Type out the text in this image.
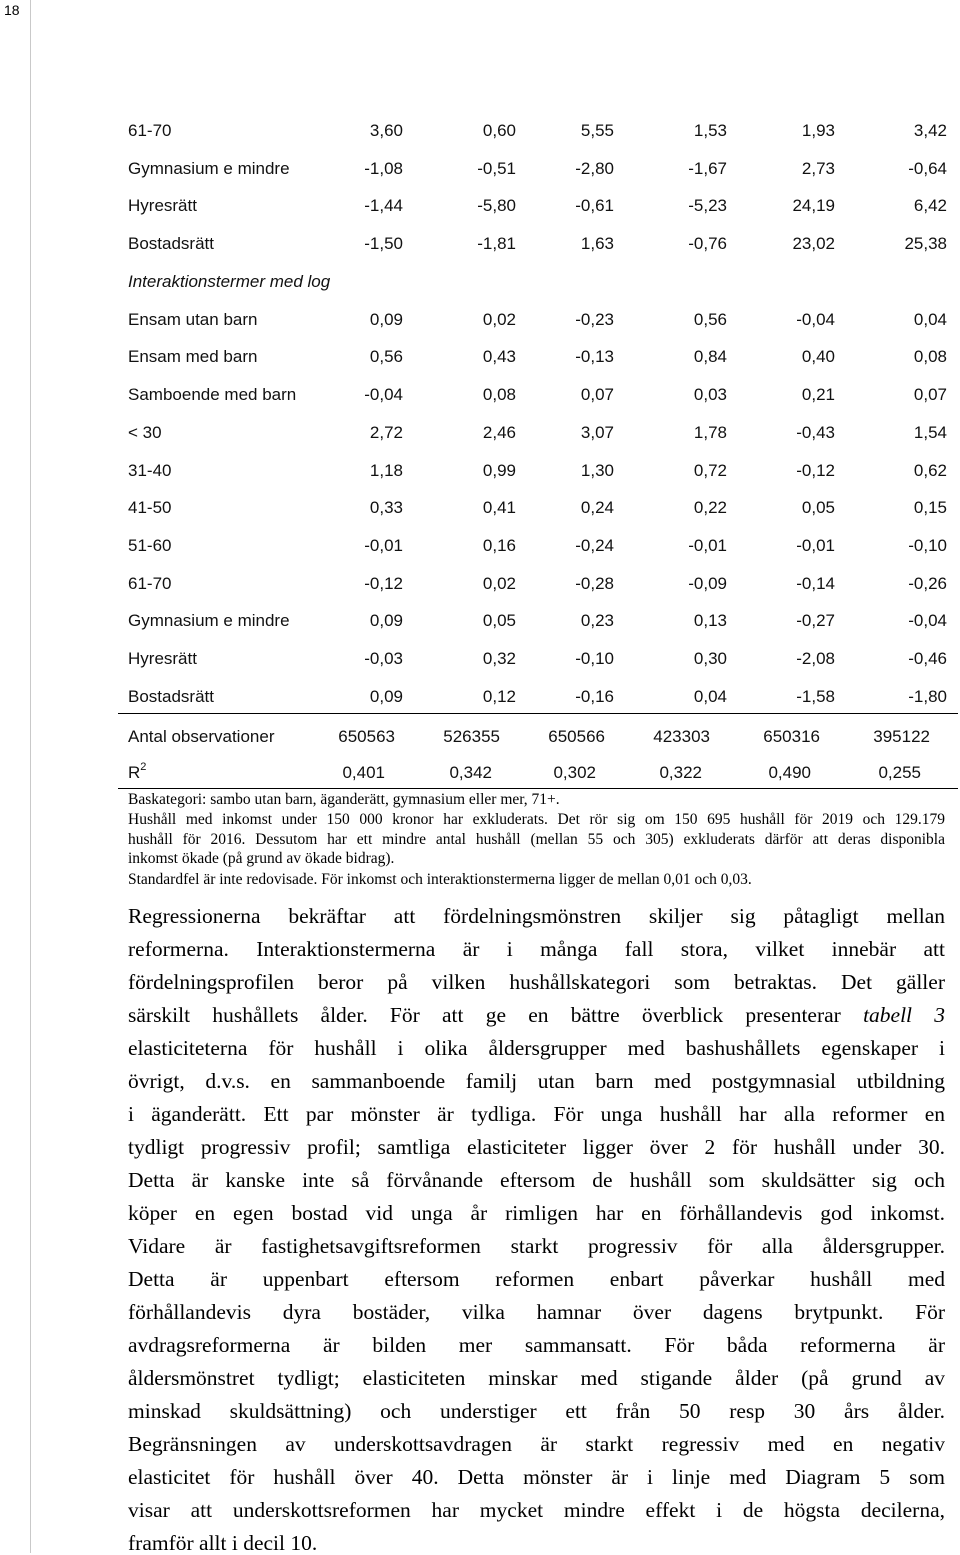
18
61-70	3,60	0,60	5,55	1,53	1,93	3,42
Gymnasium e mindre	-1,08	-0,51	-2,80	-1,67	2,73	-0,64
Hyresrätt	-1,44	-5,80	-0,61	-5,23	24,19	6,42
Bostadsrätt	-1,50	-1,81	1,63	-0,76	23,02	25,38
Interaktionstermer med log
Ensam utan barn	0,09	0,02	-0,23	0,56	-0,04	0,04
Ensam med barn	0,56	0,43	-0,13	0,84	0,40	0,08
Samboende med barn	-0,04	0,08	0,07	0,03	0,21	0,07
< 30	2,72	2,46	3,07	1,78	-0,43	1,54
31-40	1,18	0,99	1,30	0,72	-0,12	0,62
41-50	0,33	0,41	0,24	0,22	0,05	0,15
51-60	-0,01	0,16	-0,24	-0,01	-0,01	-0,10
61-70	-0,12	0,02	-0,28	-0,09	-0,14	-0,26
Gymnasium e mindre	0,09	0,05	0,23	0,13	-0,27	-0,04
Hyresrätt	-0,03	0,32	-0,10	0,30	-2,08	-0,46
Bostadsrätt	0,09	0,12	-0,16	0,04	-1,58	-1,80
Antal observationer	650563	526355	650566	423303	650316	395122
$R^2$	0,401	0,342	0,302	0,322	0,490	0,255
Baskategori: sambo utan barn, äganderätt, gymnasium eller mer, 71+.
Hushåll med inkomst under 150 000 kronor har exkluderats. Det rör sig om 150 695 hushåll för 2019 och 129.179
hushåll för 2016. Dessutom har ett mindre antal hushåll (mellan 55 och 305) exkluderats därför att deras disponibla
inkomst ökade (på grund av ökade bidrag).
Standardfel är inte redovisade. För inkomst och interaktionstermerna ligger de mellan 0,01 och 0,03.
Regressionerna bekräftar att fördelningsmönstren skiljer sig påtagligt mellan
reformerna. Interaktionstermerna är i många fall stora, vilket innebär att
fördelningsprofilen beror på vilken hushållskategori som betraktas. Det gäller
särskilt hushållets ålder. För att ge en bättre överblick presenterar tabell 3
elasticiteterna för hushåll i olika åldersgrupper med bashushållets egenskaper i
övrigt, d.v.s. en sammanboende familj utan barn med postgymnasial utbildning
i äganderätt. Ett par mönster är tydliga. För unga hushåll har alla reformer en
tydligt progressiv profil; samtliga elasticiteter ligger över 2 för hushåll under 30.
Detta är kanske inte så förvånande eftersom de hushåll som skuldsätter sig och
köper en egen bostad vid unga år rimligen har en förhållandevis god inkomst.
Vidare är fastighetsavgiftsreformen starkt progressiv för alla åldersgrupper.
Detta är uppenbart eftersom reformen enbart påverkar hushåll med
förhållandevis dyra bostäder, vilka hamnar över dagens brytpunkt. För
avdragsreformerna är bilden mer sammansatt. För båda reformerna är
åldersmönstret tydligt; elasticiteten minskar med stigande ålder (på grund av
minskad skuldsättning) och understiger ett från 50 resp 30 års ålder.
Begränsningen av underskottsavdragen är starkt regressiv med en negativ
elasticitet för hushåll över 40. Detta mönster är i linje med Diagram 5 som
visar att underskottsreformen har mycket mindre effekt i de högsta decilerna,
framför allt i decil 10.
